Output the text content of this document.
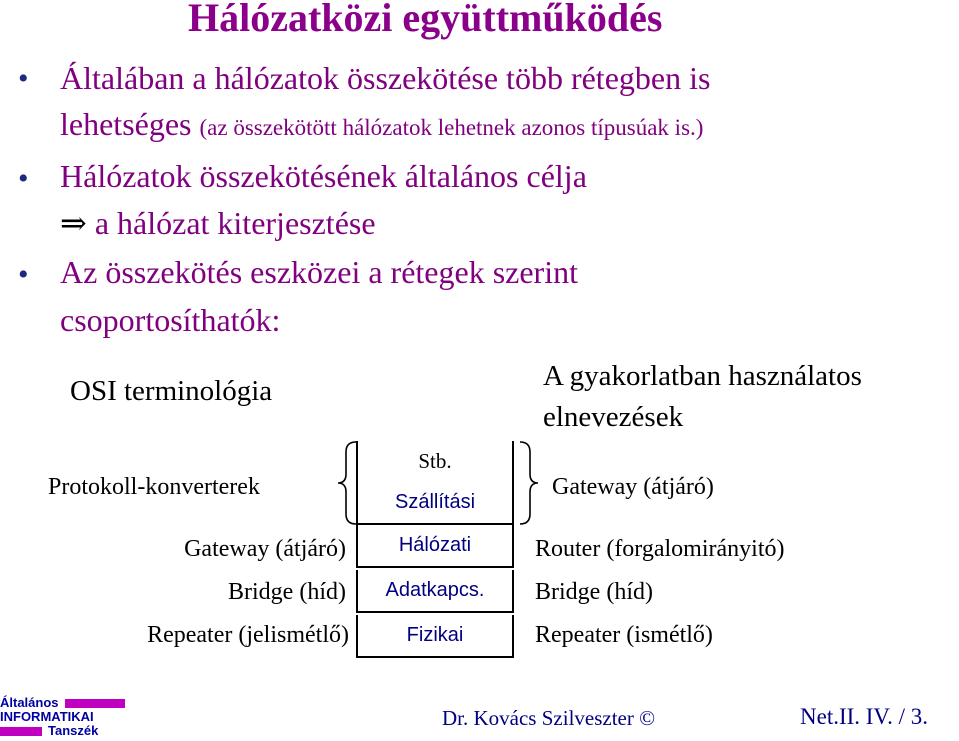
Hálózatközi együttműködés
• Általában a hálózatok összekötése több rétegben is
lehetséges (az összekötött hálózatok lehetnek azonos típusúak is.)
• Hálózatok összekötésének általános célja
⇒ a hálózat kiterjesztése
• Az összekötés eszközei a rétegek szerint
csoportosíthatók:
OSI terminológia	A gyakorlatban használatos
elnevezések
Stb.
Szállítási
Hálózati
Adatkapcs.
Fizikai
Protokoll-konverterek
Gateway (átjáró)
Bridge (híd)
Repeater (jelismétlő)
Gateway (átjáró)
Router (forgalomirányitó)
Bridge (híd)
Repeater (ismétlő)
Általános
INFORMATIKAI
Tanszék
Dr. Kovács Szilveszter ©	Net.II. IV. / 3.
